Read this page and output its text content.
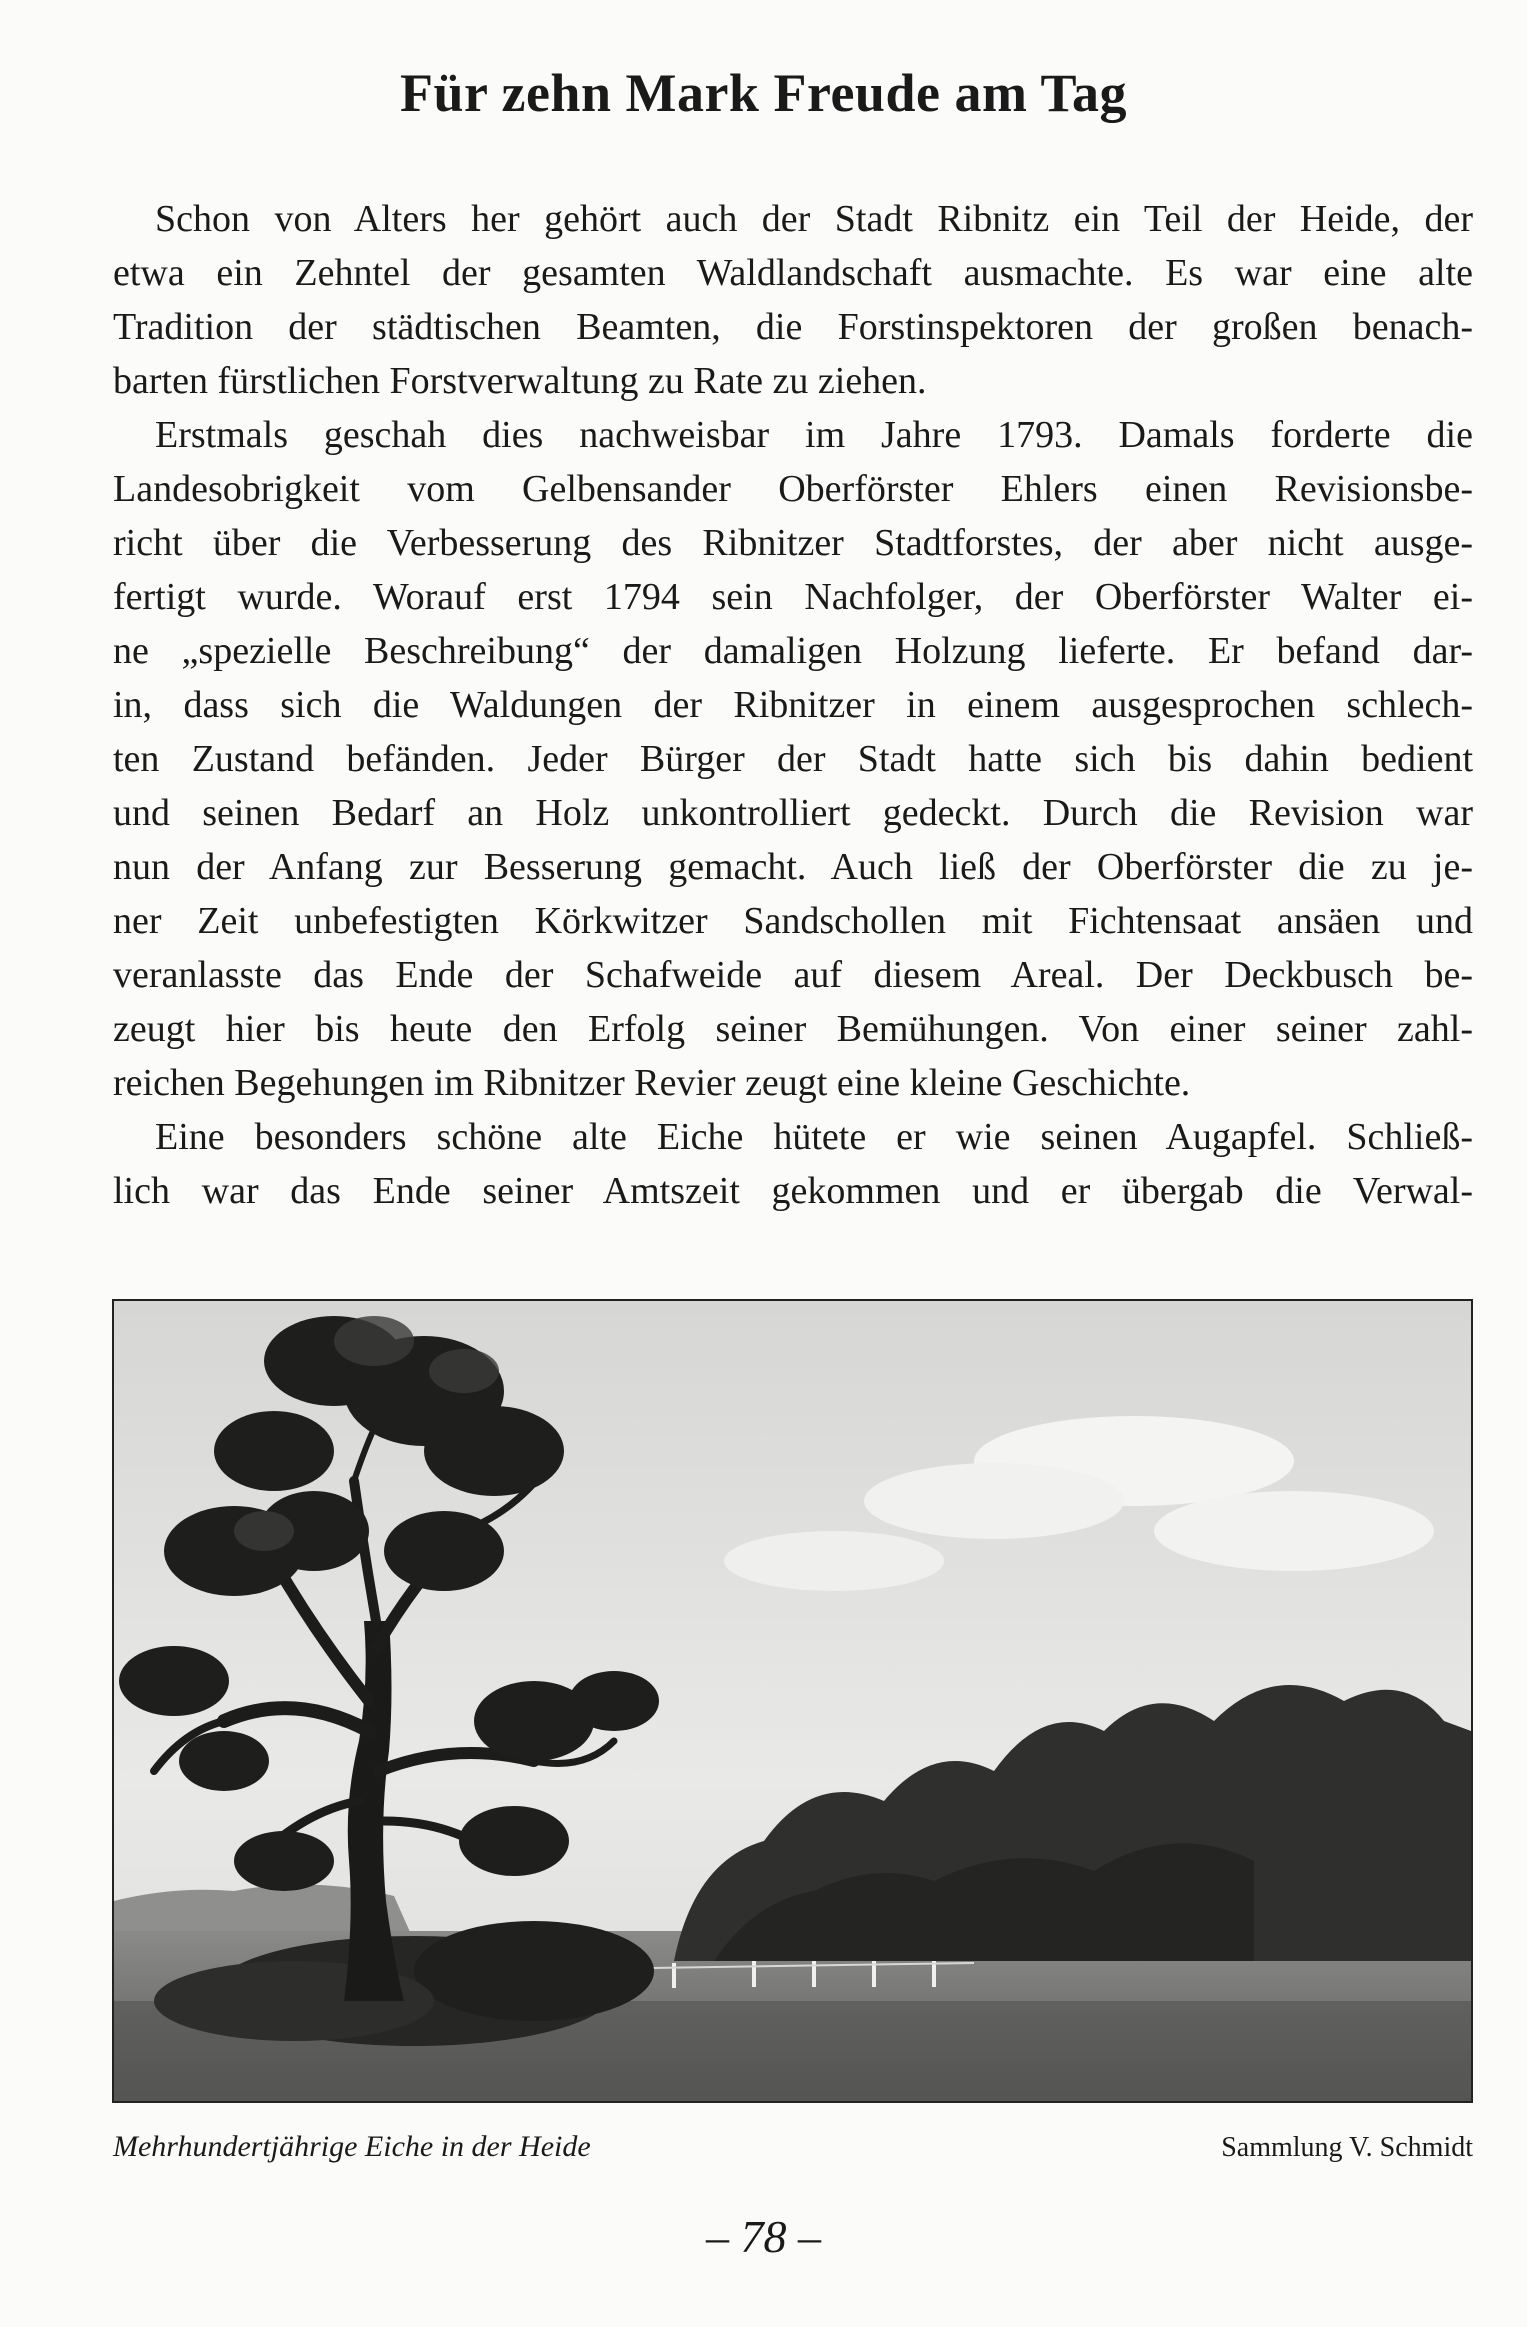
Für zehn Mark Freude am Tag
Schon von Alters her gehört auch der Stadt Ribnitz ein Teil der Heide, der
etwa ein Zehntel der gesamten Waldlandschaft ausmachte. Es war eine alte
Tradition der städtischen Beamten, die Forstinspektoren der großen benach-
barten fürstlichen Forstverwaltung zu Rate zu ziehen.
Erstmals geschah dies nachweisbar im Jahre 1793. Damals forderte die
Landesobrigkeit vom Gelbensander Oberförster Ehlers einen Revisionsbe-
richt über die Verbesserung des Ribnitzer Stadtforstes, der aber nicht ausge-
fertigt wurde. Worauf erst 1794 sein Nachfolger, der Oberförster Walter ei-
ne „spezielle Beschreibung“ der damaligen Holzung lieferte. Er befand dar-
in, dass sich die Waldungen der Ribnitzer in einem ausgesprochen schlech-
ten Zustand befänden. Jeder Bürger der Stadt hatte sich bis dahin bedient
und seinen Bedarf an Holz unkontrolliert gedeckt. Durch die Revision war
nun der Anfang zur Besserung gemacht. Auch ließ der Oberförster die zu je-
ner Zeit unbefestigten Körkwitzer Sandschollen mit Fichtensaat ansäen und
veranlasste das Ende der Schafweide auf diesem Areal. Der Deckbusch be-
zeugt hier bis heute den Erfolg seiner Bemühungen. Von einer seiner zahl-
reichen Begehungen im Ribnitzer Revier zeugt eine kleine Geschichte.
Eine besonders schöne alte Eiche hütete er wie seinen Augapfel. Schließ-
lich war das Ende seiner Amtszeit gekommen und er übergab die Verwal-
Mehrhundertjährige Eiche in der Heide	Sammlung V. Schmidt
– 78 –
